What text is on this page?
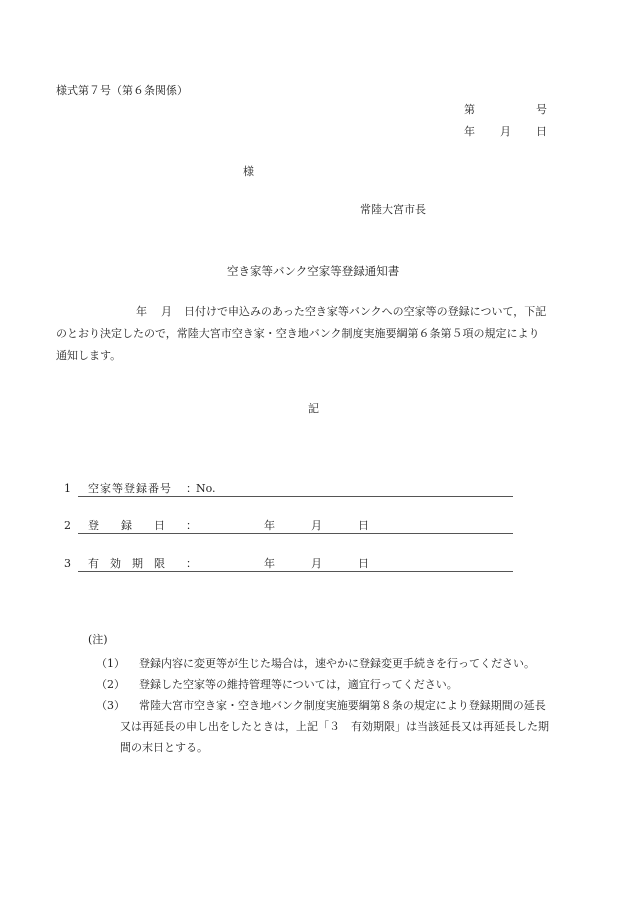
様式第７号（第６条関係）
第	号
年 月 日
様
常陸大宮市長
空き家等バンク空家等登録通知書
年 月 日付けで申込みのあった空き家等バンクへの空家等の登録について，下記
のとおり決定したので，常陸大宮市空き家・空き地バンク制度実施要綱第６条第５項の規定により
通知します。
記
1 空家等登録番号 ： No.
2 登　　録　　日 ：	年	月	日
3 有　効　期　限 ：	年	月	日
(注)
（1） 登録内容に変更等が生じた場合は，速やかに登録変更手続きを行ってください。
（2） 登録した空家等の維持管理等については，適宜行ってください。
（3） 常陸大宮市空き家・空き地バンク制度実施要綱第８条の規定により登録期間の延長
又は再延長の申し出をしたときは，上記「３　有効期限」は当該延長又は再延長した期
間の末日とする。
